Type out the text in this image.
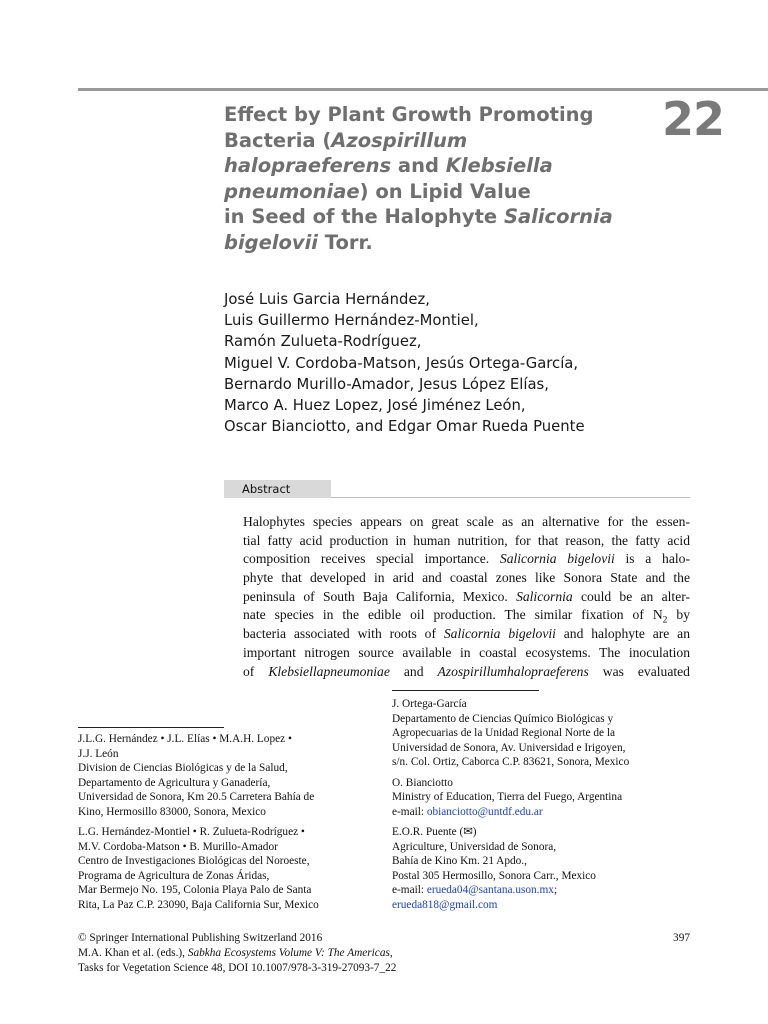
22
Effect by Plant Growth Promoting
Bacteria (Azospirillum
halopraeferens and Klebsiella
pneumoniae) on Lipid Value
in Seed of the Halophyte Salicornia
bigelovii Torr.
José Luis Garcia Hernández,
Luis Guillermo Hernández-Montiel,
Ramón Zulueta-Rodríguez,
Miguel V. Cordoba-Matson, Jesús Ortega-García,
Bernardo Murillo-Amador, Jesus López Elías,
Marco A. Huez Lopez, José Jiménez León,
Oscar Bianciotto, and Edgar Omar Rueda Puente
Abstract
Halophytes species appears on great scale as an alternative for the essen-
tial fatty acid production in human nutrition, for that reason, the fatty acid
composition receives special importance. Salicornia bigelovii is a halo-
phyte that developed in arid and coastal zones like Sonora State and the
peninsula of South Baja California, Mexico. Salicornia could be an alter-
nate species in the edible oil production. The similar fixation of $N_2$ by
bacteria associated with roots of Salicornia bigelovii and halophyte are an
important nitrogen source available in coastal ecosystems. The inoculation
of Klebsiellapneumoniae and Azospirillumhalopraeferens was evaluated
J. Ortega-García
Departamento de Ciencias Químico Biológicas y
Agropecuarias de la Unidad Regional Norte de la
Universidad de Sonora, Av. Universidad e Irigoyen,
s/n. Col. Ortiz, Caborca C.P. 83621, Sonora, Mexico
O. Bianciotto
Ministry of Education, Tierra del Fuego, Argentina
e-mail: obianciotto@untdf.edu.ar
E.O.R. Puente (✉)
Agriculture, Universidad de Sonora,
Bahía de Kino Km. 21 Apdo.,
Postal 305 Hermosillo, Sonora Carr., Mexico
e-mail: erueda04@santana.uson.mx;
erueda818@gmail.com
J.L.G. Hernández • J.L. Elías • M.A.H. Lopez •
J.J. León
Division de Ciencias Biológicas y de la Salud,
Departamento de Agricultura y Ganadería,
Universidad de Sonora, Km 20.5 Carretera Bahía de
Kino, Hermosillo 83000, Sonora, Mexico
L.G. Hernández-Montiel • R. Zulueta-Rodríguez •
M.V. Cordoba-Matson • B. Murillo-Amador
Centro de Investigaciones Biológicas del Noroeste,
Programa de Agricultura de Zonas Áridas,
Mar Bermejo No. 195, Colonia Playa Palo de Santa
Rita, La Paz C.P. 23090, Baja California Sur, Mexico
© Springer International Publishing Switzerland 2016
M.A. Khan et al. (eds.), Sabkha Ecosystems Volume V: The Americas,
Tasks for Vegetation Science 48, DOI 10.1007/978-3-319-27093-7_22
397
